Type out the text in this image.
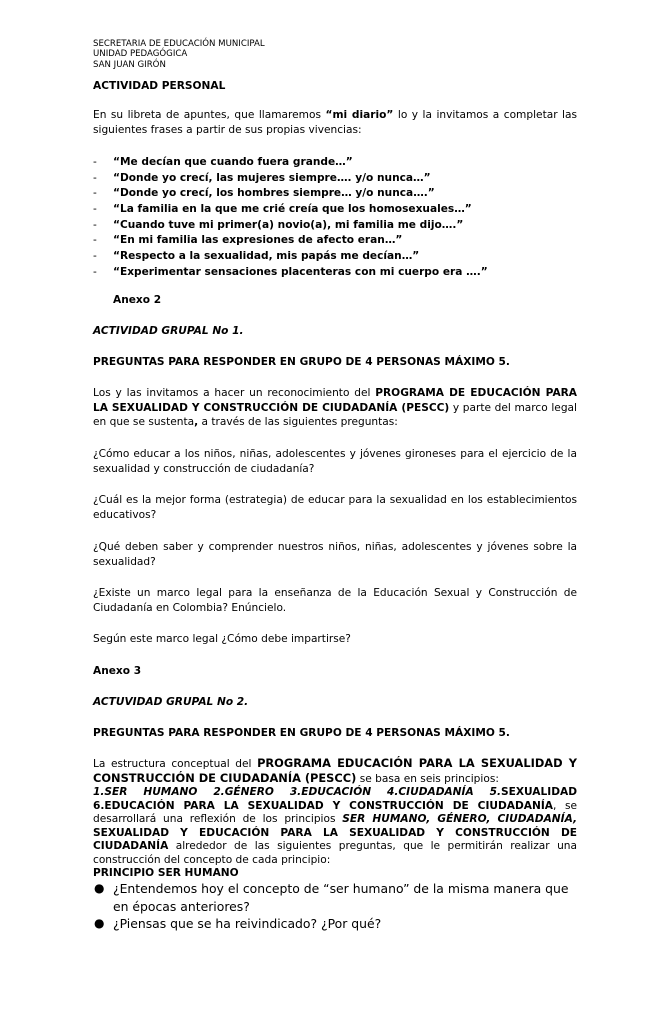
SECRETARIA DE EDUCACIÓN MUNICIPAL
UNIDAD PEDAGÓGICA
SAN JUAN GIRÓN
ACTIVIDAD PERSONAL

En su libreta de apuntes, que llamaremos “mi diario” lo y la invitamos a completar las siguientes frases a partir de sus propias vivencias:

- “Me decían que cuando fuera grande…”
- “Donde yo crecí, las mujeres siempre…. y/o nunca…”
- “Donde yo crecí, los hombres siempre… y/o nunca….”
- “La familia en la que me crié creía que los homosexuales…”
- “Cuando tuve mi primer(a) novio(a), mi familia me dijo….”
- “En mi familia las expresiones de afecto eran…”
- “Respecto a la sexualidad, mis papás me decían…”
- “Experimentar sensaciones placenteras con mi cuerpo era ….”
Anexo 2
ACTIVIDAD GRUPAL No 1.
PREGUNTAS PARA RESPONDER EN GRUPO DE 4 PERSONAS MÁXIMO 5.

Los y las invitamos a hacer un reconocimiento del PROGRAMA DE EDUCACIÓN PARA LA SEXUALIDAD Y CONSTRUCCIÓN DE CIUDADANÍA (PESCC) y parte del marco legal en que se sustenta, a través de las siguientes preguntas:

¿Cómo educar a los niños, niñas, adolescentes y jóvenes gironeses para el ejercicio de la sexualidad y construcción de ciudadanía?

¿Cuál es la mejor forma (estrategia) de educar para la sexualidad en los establecimientos educativos?

¿Qué deben saber y comprender nuestros niños, niñas, adolescentes y jóvenes sobre la sexualidad?

¿Existe un marco legal para la enseñanza de la Educación Sexual y Construcción de Ciudadanía en Colombia? Enúncielo.

Según este marco legal ¿Cómo debe impartirse?

Anexo 3
ACTUVIDAD GRUPAL No 2.
PREGUNTAS PARA RESPONDER EN GRUPO DE 4 PERSONAS MÁXIMO 5.

La estructura conceptual del PROGRAMA EDUCACIÓN PARA LA SEXUALIDAD Y CONSTRUCCIÓN DE CIUDADANÍA (PESCC) se basa en seis principios:
1.SER HUMANO 2.GÉNERO 3.EDUCACIÓN 4.CIUDADANÍA 5.SEXUALIDAD 6.EDUCACIÓN PARA LA SEXUALIDAD Y CONSTRUCCIÓN DE CIUDADANÍA, se desarrollará una reflexión de los principios SER HUMANO, GÉNERO, CIUDADANÍA, SEXUALIDAD Y EDUCACIÓN PARA LA SEXUALIDAD Y CONSTRUCCIÓN DE CIUDADANÍA alrededor de las siguientes preguntas, que le permitirán realizar una construcción del concepto de cada principio:

PRINCIPIO SER HUMANO
● ¿Entendemos hoy el concepto de “ser humano” de la misma manera que en épocas anteriores?
● ¿Piensas que se ha reivindicado? ¿Por qué?
